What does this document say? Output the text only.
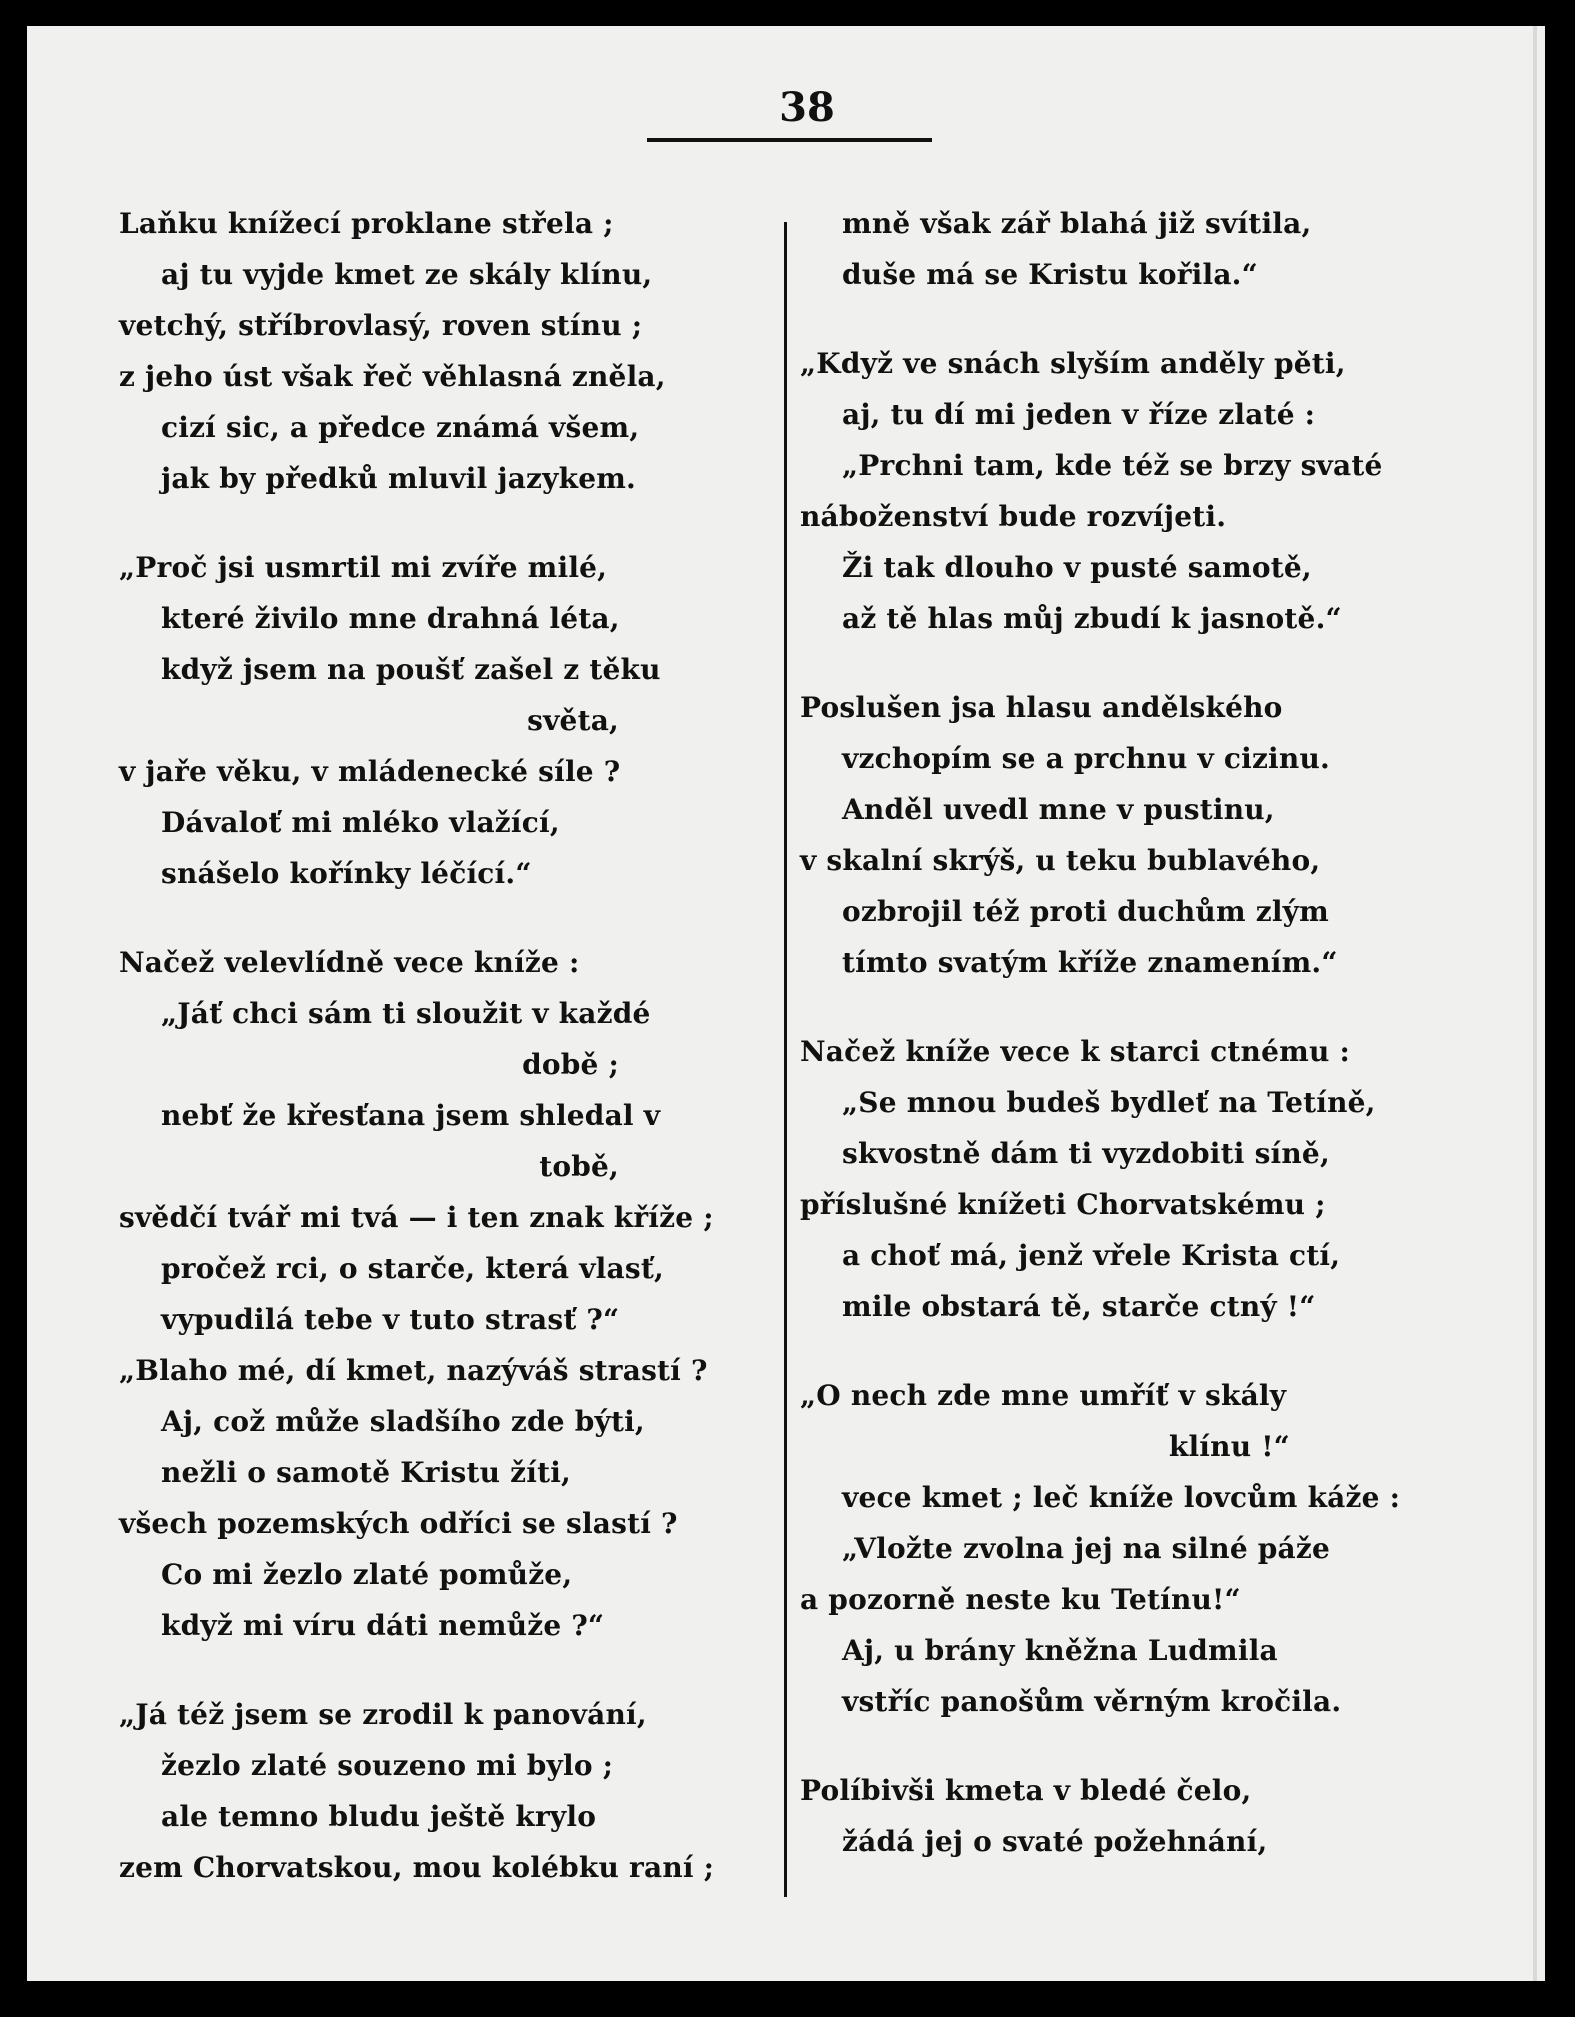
38
Laňku knížecí proklane střela ;
aj tu vyjde kmet ze skály klínu,
vetchý, stříbrovlasý, roven stínu ;
z jeho úst však řeč věhlasná zněla,
cizí sic, a předce známá všem,
jak by předků mluvil jazykem.
„Proč jsi usmrtil mi zvíře milé,
které živilo mne drahná léta,
když jsem na poušť zašel z těku
světa,
v jaře věku, v mládenecké síle ?
Dávaloť mi mléko vlažící,
snášelo kořínky léčící.“
Načež velevlídně vece kníže :
„Jáť chci sám ti sloužit v každé
době ;
nebť že křesťana jsem shledal v
tobě,
svědčí tvář mi tvá — i ten znak kříže ;
pročež rci, o starče, která vlasť,
vypudilá tebe v tuto strasť ?“
„Blaho mé, dí kmet, nazýváš strastí ?
Aj, což může sladšího zde býti,
nežli o samotě Kristu žíti,
všech pozemských odříci se slastí ?
Co mi žezlo zlaté pomůže,
když mi víru dáti nemůže ?“
„Já též jsem se zrodil k panování,
žezlo zlaté souzeno mi bylo ;
ale temno bludu ještě krylo
zem Chorvatskou, mou kolébku raní ;
mně však zář blahá již svítila,
duše má se Kristu kořila.“
„Když ve snách slyším anděly pěti,
aj, tu dí mi jeden v říze zlaté :
„Prchni tam, kde též se brzy svaté
náboženství bude rozvíjeti.
Ži tak dlouho v pusté samotě,
až tě hlas můj zbudí k jasnotě.“
Poslušen jsa hlasu andělského
vzchopím se a prchnu v cizinu.
Anděl uvedl mne v pustinu,
v skalní skrýš, u teku bublavého,
ozbrojil též proti duchům zlým
tímto svatým kříže znamením.“
Načež kníže vece k starci ctnému :
„Se mnou budeš bydleť na Tetíně,
skvostně dám ti vyzdobiti síně,
příslušné knížeti Chorvatskému ;
a choť má, jenž vřele Krista ctí,
mile obstará tě, starče ctný !“
„O nech zde mne umříť v skály
klínu !“
vece kmet ; leč kníže lovcům káže :
„Vložte zvolna jej na silné páže
a pozorně neste ku Tetínu!“
Aj, u brány kněžna Ludmila
vstříc panošům věrným kročila.
Políbivši kmeta v bledé čelo,
žádá jej o svaté požehnání,
